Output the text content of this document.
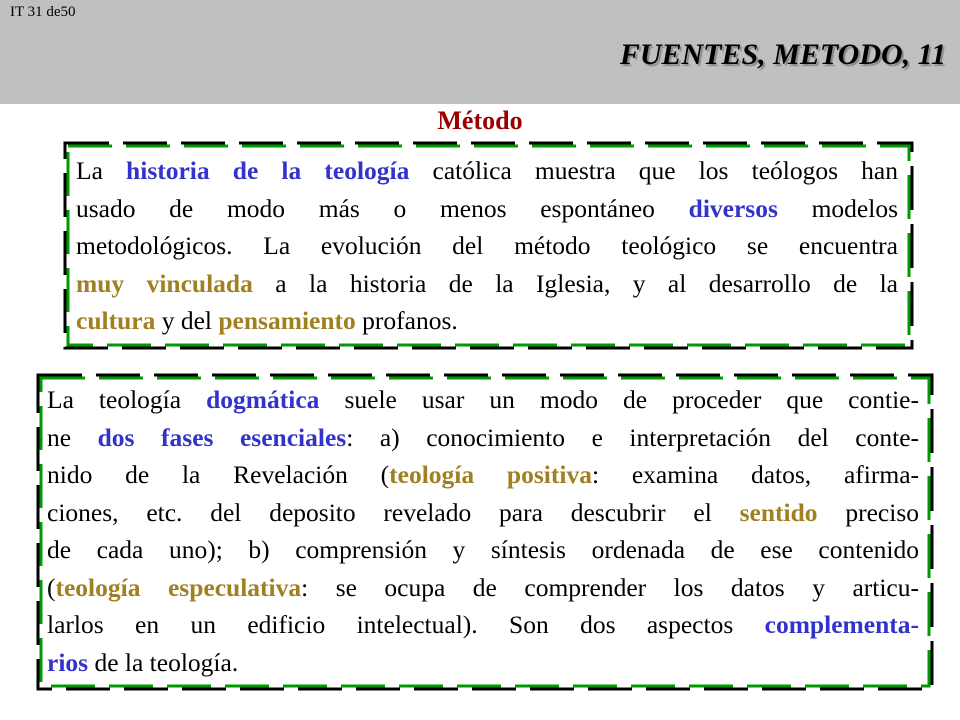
IT 31 de50
FUENTES, METODO, 11
Método
La historia de la teología católica muestra que los teólogos han
usado de modo más o menos espontáneo diversos modelos
metodológicos. La evolución del método teológico se encuentra
muy vinculada a la historia de la Iglesia, y al desarrollo de la
cultura y del pensamiento profanos.
La teología dogmática suele usar un modo de proceder que contie-
ne dos fases esenciales: a) conocimiento e interpretación del conte-
nido de la Revelación (teología positiva: examina datos, afirma-
ciones, etc. del deposito revelado para descubrir el sentido preciso
de cada uno); b) comprensión y síntesis ordenada de ese contenido
(teología especulativa: se ocupa de comprender los datos y articu-
larlos en un edificio intelectual). Son dos aspectos complementa-
rios de la teología.
